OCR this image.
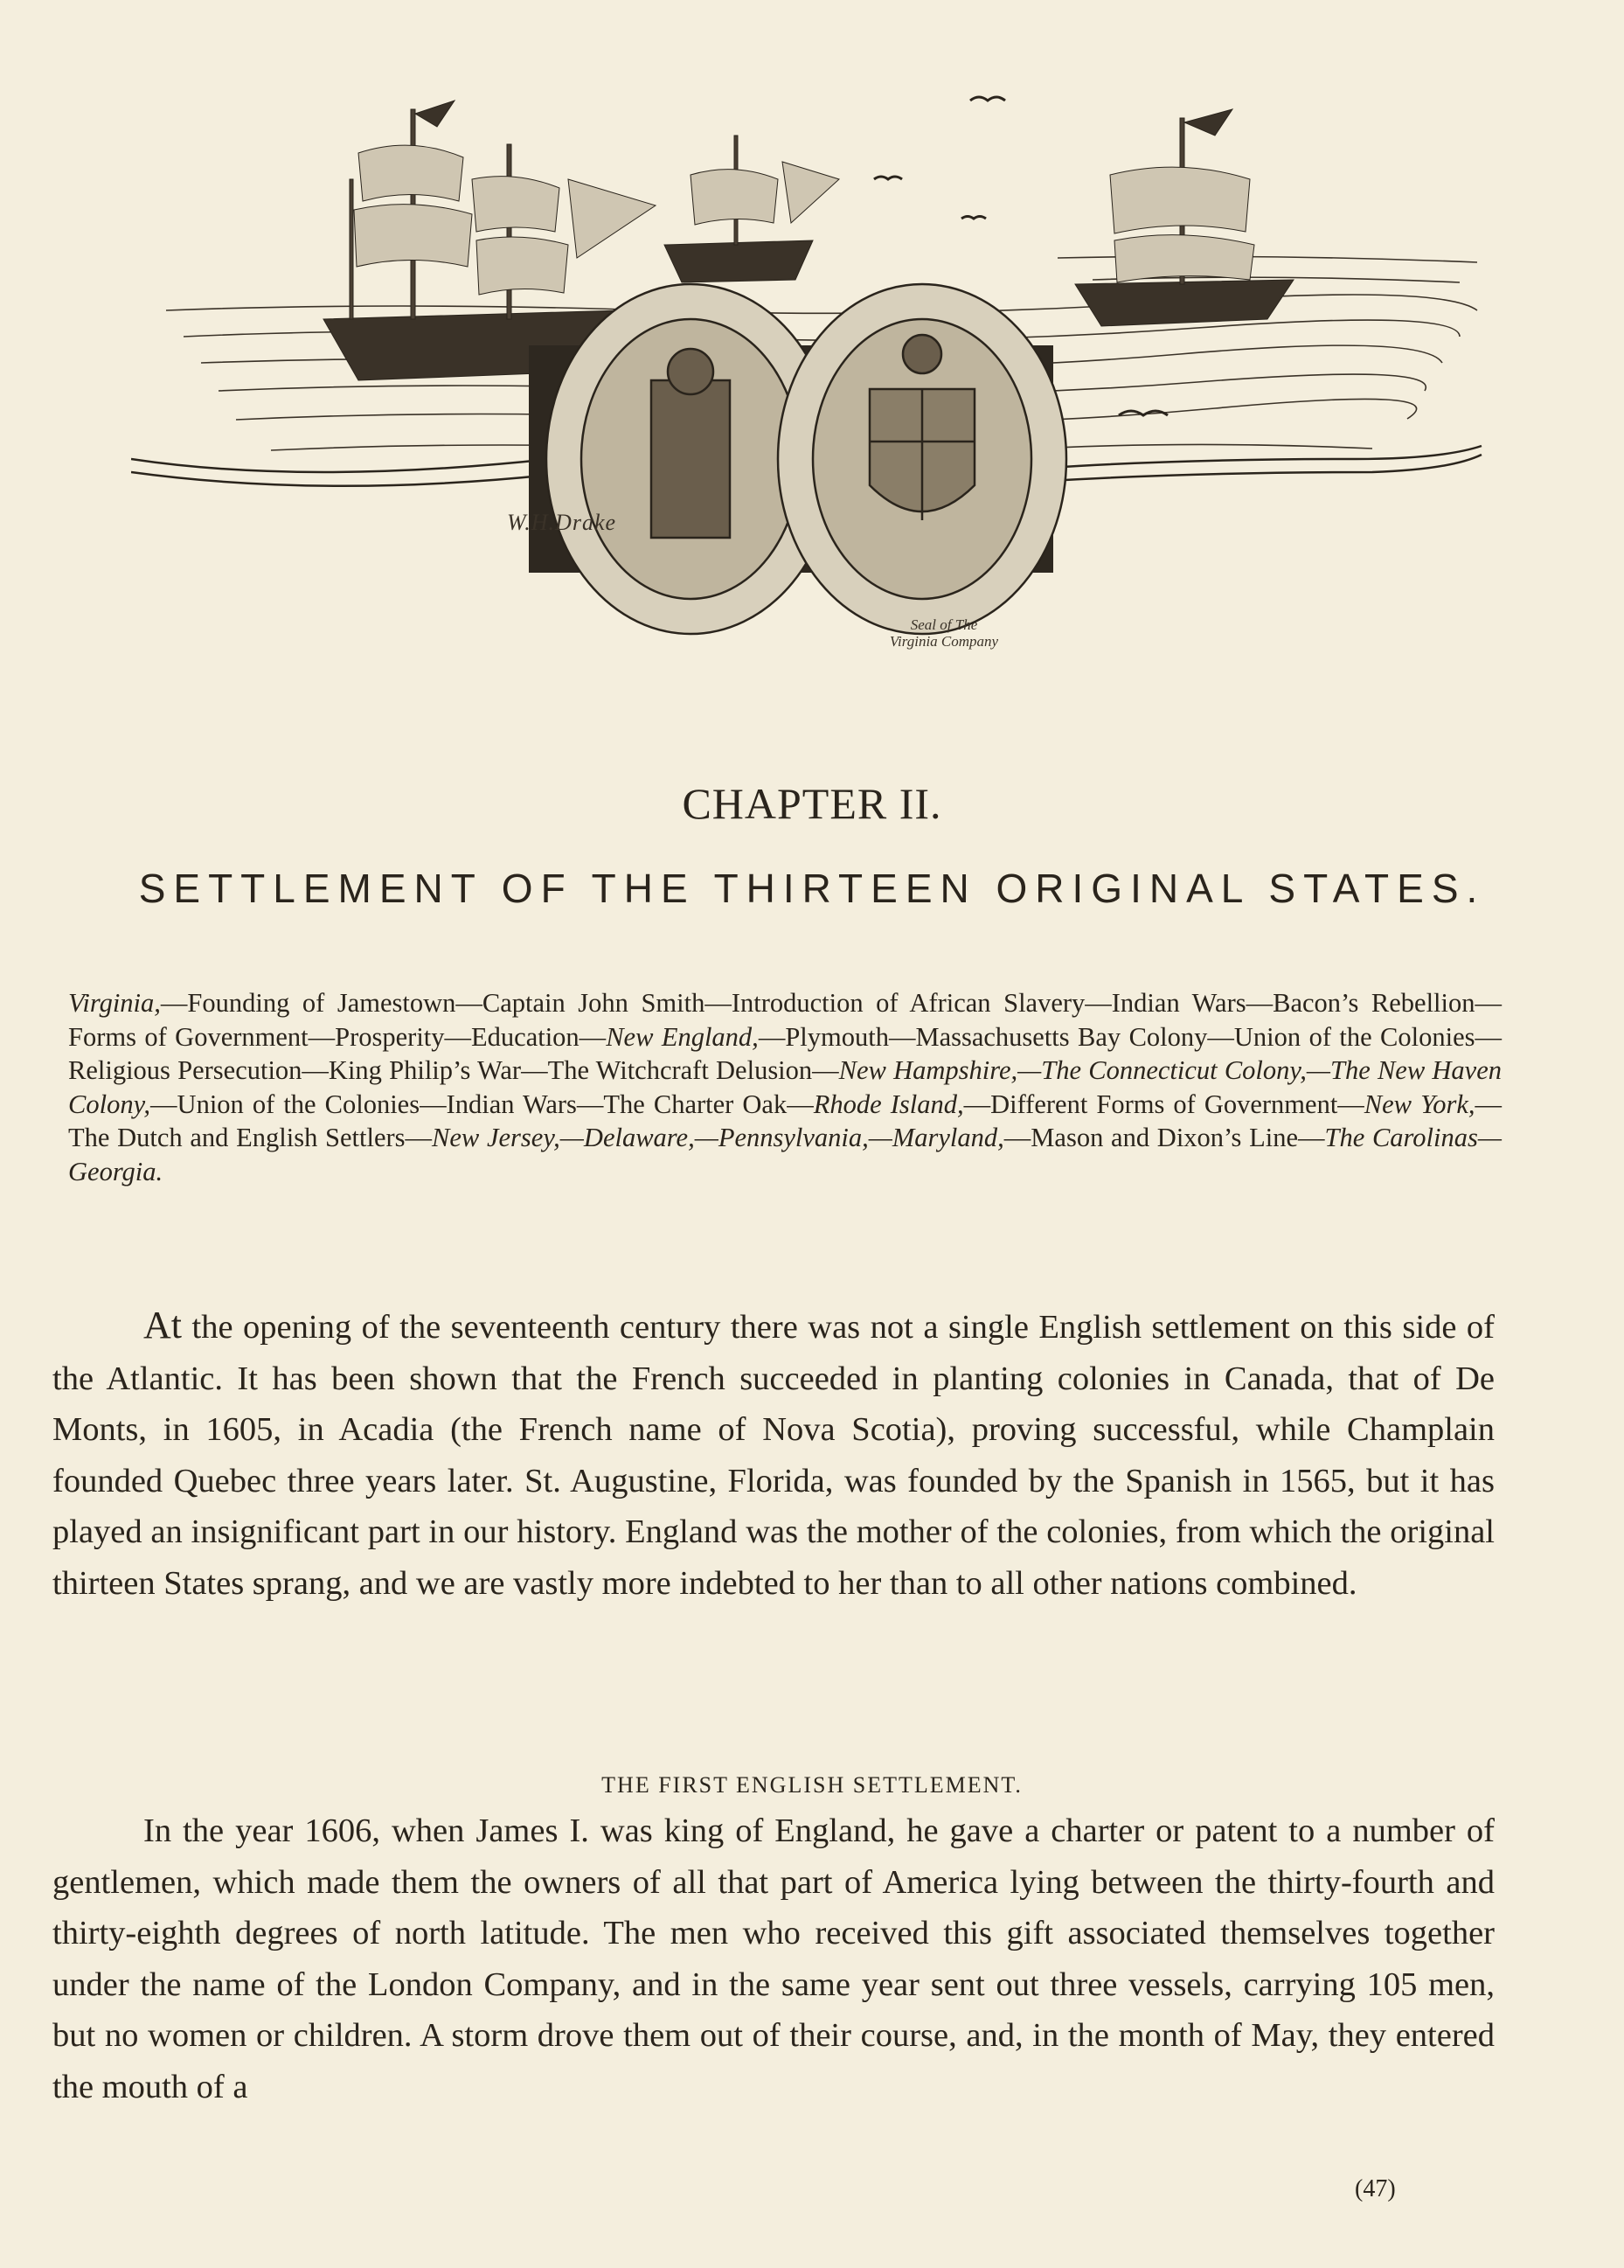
W.H.Drake
Seal of The
Virginia Company
CHAPTER II.
SETTLEMENT OF THE THIRTEEN ORIGINAL STATES.
Virginia,—Founding of Jamestown—Captain John Smith—Introduction of African Slavery—Indian Wars—Bacon’s Rebellion—Forms of Government—Prosperity—Education—New England,—Plymouth—Massachusetts Bay Colony—Union of the Colonies—Religious Persecution—King Philip’s War—The Witchcraft Delusion—New Hampshire,—The Connecticut Colony,—The New Haven Colony,—Union of the Colonies—Indian Wars—The Charter Oak—Rhode Island,—Different Forms of Government—New York,—The Dutch and English Settlers—New Jersey,—Delaware,—Pennsylvania,—Maryland,—Mason and Dixon’s Line—The Carolinas—Georgia.
At the opening of the seventeenth century there was not a single English settlement on this side of the Atlantic. It has been shown that the French succeeded in planting colonies in Canada, that of De Monts, in 1605, in Acadia (the French name of Nova Scotia), proving successful, while Champlain founded Quebec three years later. St. Augustine, Florida, was founded by the Spanish in 1565, but it has played an insignificant part in our history. England was the mother of the colonies, from which the original thirteen States sprang, and we are vastly more indebted to her than to all other nations combined.
THE FIRST ENGLISH SETTLEMENT.
In the year 1606, when James I. was king of England, he gave a charter or patent to a number of gentlemen, which made them the owners of all that part of America lying between the thirty-fourth and thirty-eighth degrees of north latitude. The men who received this gift associated themselves together under the name of the London Company, and in the same year sent out three vessels, carrying 105 men, but no women or children. A storm drove them out of their course, and, in the month of May, they entered the mouth of a
(47)
